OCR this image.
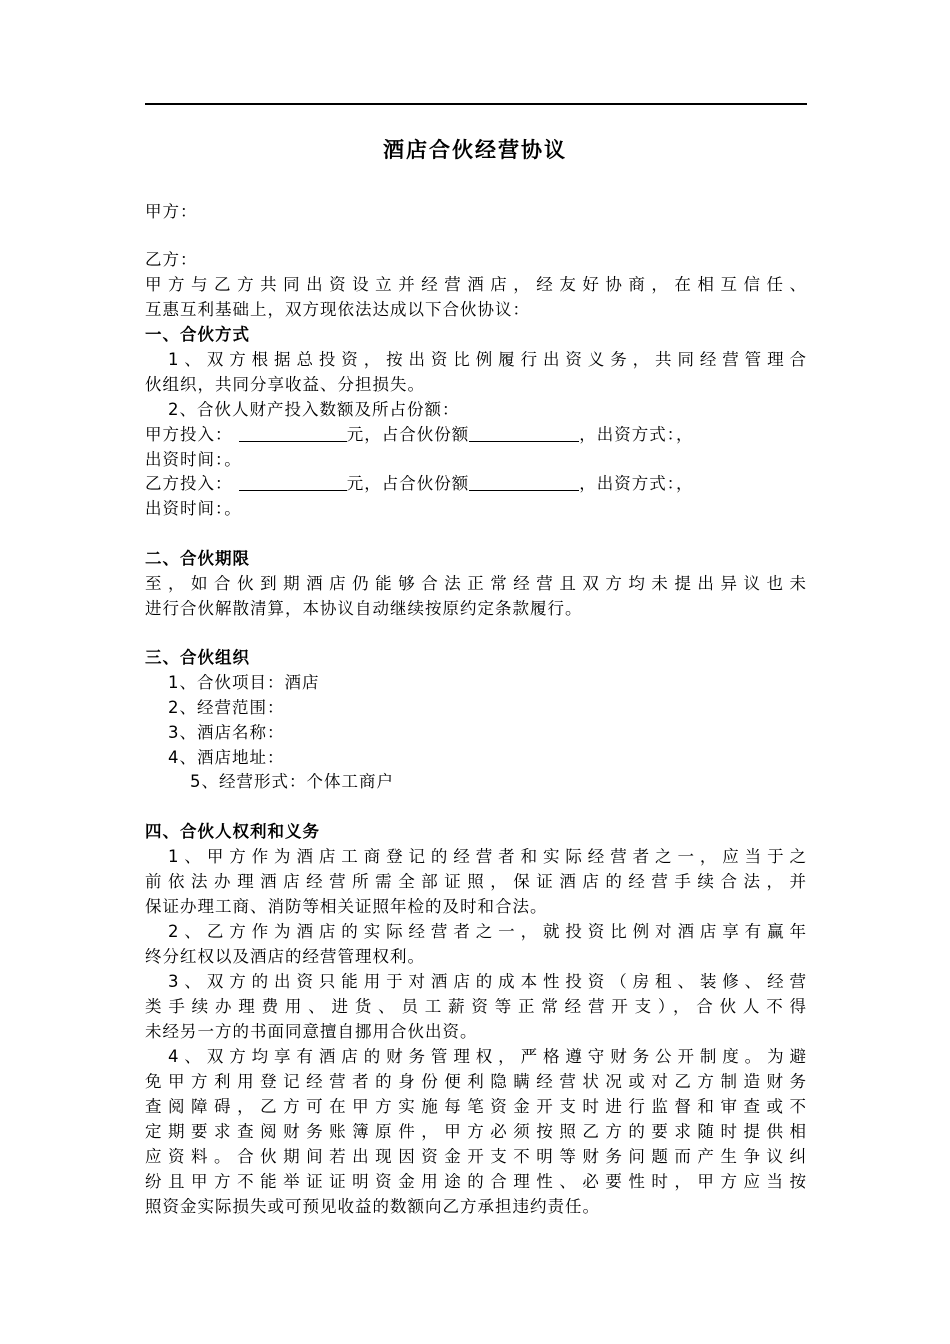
酒店合伙经营协议
甲方：
乙方：
甲方与乙方共同出资设立并经营酒店，经友好协商，在相互信任、
互惠互利基础上，双方现依法达成以下合伙协议：
一、合伙方式
1、双方根据总投资，按出资比例履行出资义务，共同经营管理合
伙组织，共同分享收益、分担损失。
2、合伙人财产投入数额及所占份额：
甲方投入：	元，占合伙份额	，出资方式：，
出资时间：。
乙方投入：	元，占合伙份额	，出资方式：，
出资时间：。
二、合伙期限
至，如合伙到期酒店仍能够合法正常经营且双方均未提出异议也未
进行合伙解散清算，本协议自动继续按原约定条款履行。
三、合伙组织
1、合伙项目：酒店
2、经营范围：
3、酒店名称：
4、酒店地址：
5、经营形式：个体工商户
四、合伙人权利和义务
1、甲方作为酒店工商登记的经营者和实际经营者之一，应当于之
前依法办理酒店经营所需全部证照，保证酒店的经营手续合法，并
保证办理工商、消防等相关证照年检的及时和合法。
2、乙方作为酒店的实际经营者之一，就投资比例对酒店享有赢年
终分红权以及酒店的经营管理权利。
3、双方的出资只能用于对酒店的成本性投资（房租、装修、经营
类手续办理费用、进货、员工薪资等正常经营开支），合伙人不得
未经另一方的书面同意擅自挪用合伙出资。
4、双方均享有酒店的财务管理权，严格遵守财务公开制度。为避
免甲方利用登记经营者的身份便利隐瞒经营状况或对乙方制造财务
查阅障碍，乙方可在甲方实施每笔资金开支时进行监督和审查或不
定期要求查阅财务账簿原件，甲方必须按照乙方的要求随时提供相
应资料。合伙期间若出现因资金开支不明等财务问题而产生争议纠
纷且甲方不能举证证明资金用途的合理性、必要性时，甲方应当按
照资金实际损失或可预见收益的数额向乙方承担违约责任。
